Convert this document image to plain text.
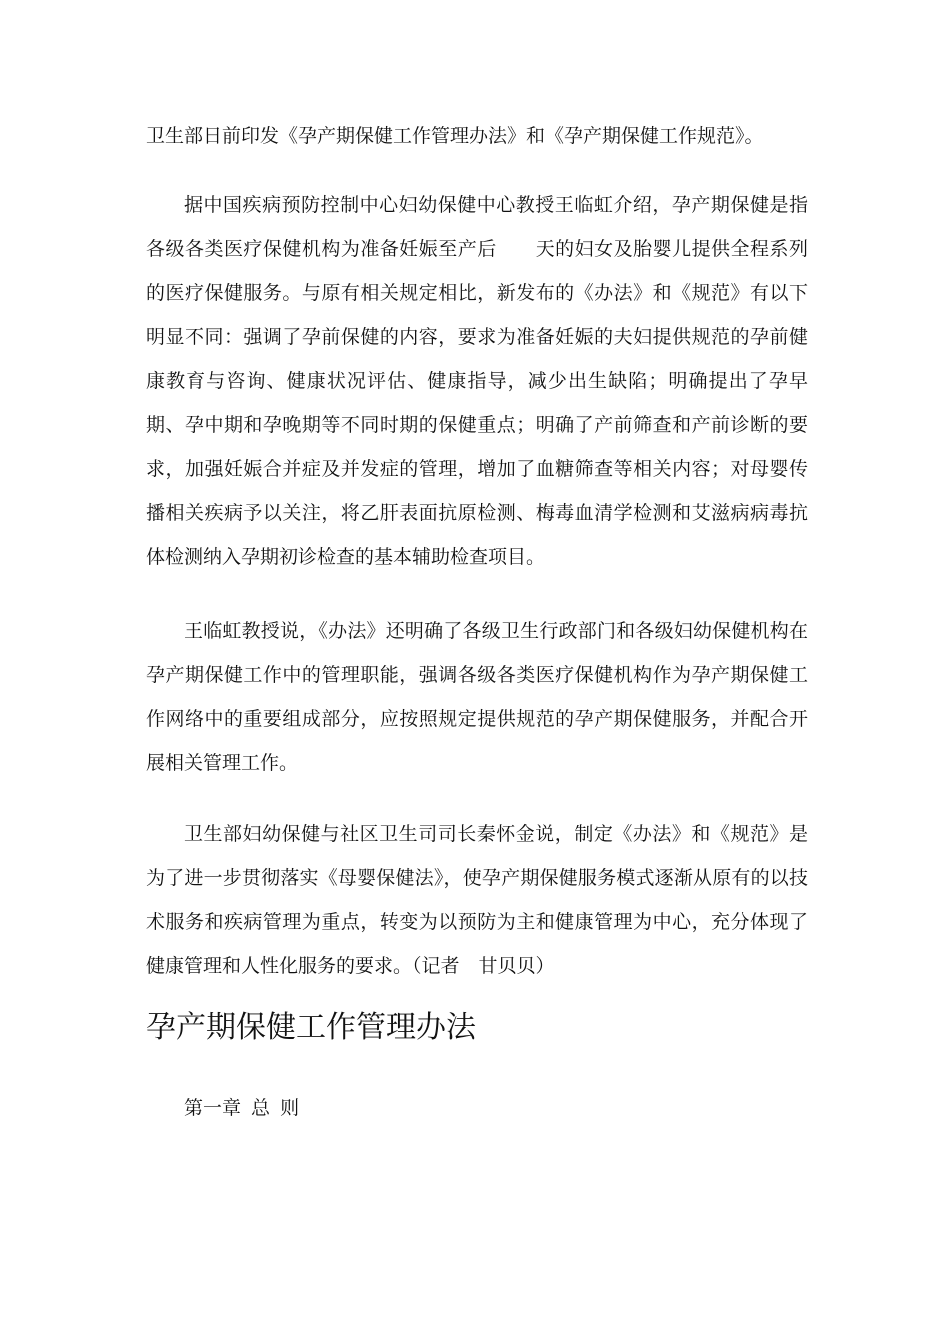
卫生部日前印发《孕产期保健工作管理办法》和《孕产期保健工作规范》。

据中国疾病预防控制中心妇幼保健中心教授王临虹介绍，孕产期保健是指各级各类医疗保健机构为准备妊娠至产后　　天的妇女及胎婴儿提供全程系列的医疗保健服务。与原有相关规定相比，新发布的《办法》和《规范》有以下明显不同：强调了孕前保健的内容，要求为准备妊娠的夫妇提供规范的孕前健康教育与咨询、健康状况评估、健康指导，减少出生缺陷；明确提出了孕早期、孕中期和孕晚期等不同时期的保健重点；明确了产前筛查和产前诊断的要求，加强妊娠合并症及并发症的管理，增加了血糖筛查等相关内容；对母婴传播相关疾病予以关注，将乙肝表面抗原检测、梅毒血清学检测和艾滋病病毒抗体检测纳入孕期初诊检查的基本辅助检查项目。

王临虹教授说，《办法》还明确了各级卫生行政部门和各级妇幼保健机构在孕产期保健工作中的管理职能，强调各级各类医疗保健机构作为孕产期保健工作网络中的重要组成部分，应按照规定提供规范的孕产期保健服务，并配合开展相关管理工作。

卫生部妇幼保健与社区卫生司司长秦怀金说，制定《办法》和《规范》是为了进一步贯彻落实《母婴保健法》，使孕产期保健服务模式逐渐从原有的以技术服务和疾病管理为重点，转变为以预防为主和健康管理为中心，充分体现了健康管理和人性化服务的要求。（记者　甘贝贝）

孕产期保健工作管理办法

第一章 总 则
